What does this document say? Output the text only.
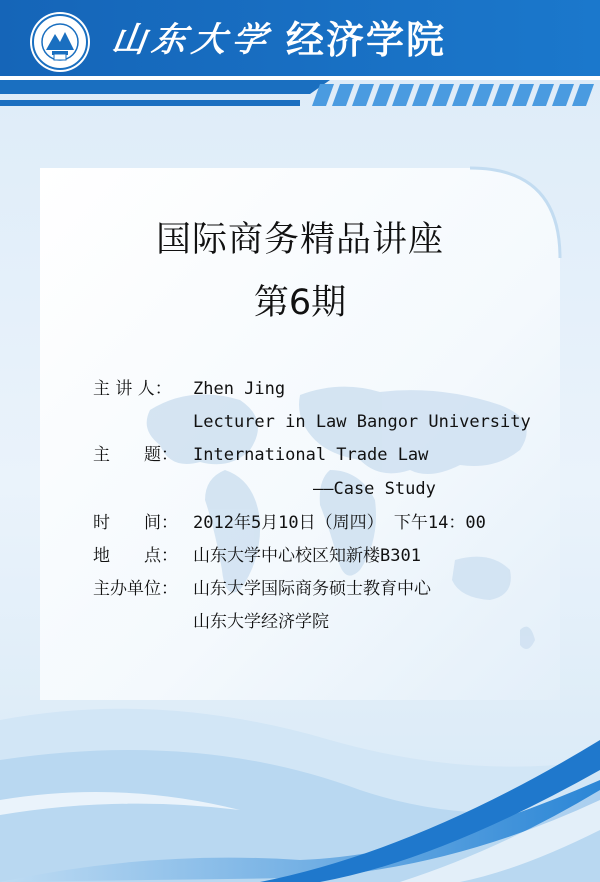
山东大学 经济学院
国际商务精品讲座
第6期
主 讲 人： Zhen Jing
Lecturer in Law Bangor University
主　　题： International Trade Law
——Case Study
时　　间： 2012年5月10日（周四） 下午14：00
地　　点： 山东大学中心校区知新楼B301
主办单位： 山东大学国际商务硕士教育中心
山东大学经济学院
